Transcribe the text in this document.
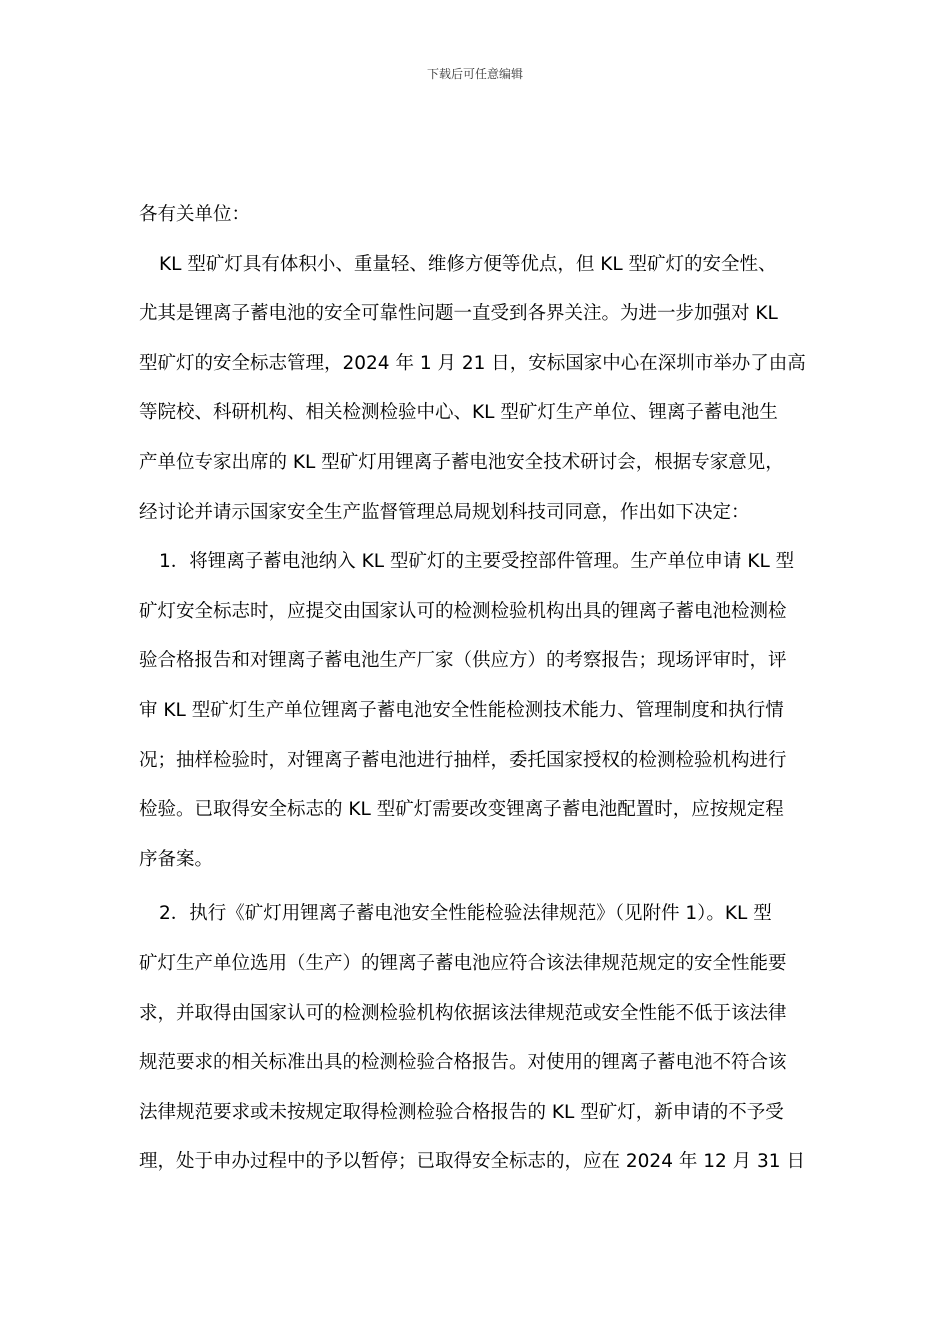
下载后可任意编辑
各有关单位：
KL 型矿灯具有体积小、重量轻、维修方便等优点，但 KL 型矿灯的安全性、
尤其是锂离子蓄电池的安全可靠性问题一直受到各界关注。为进一步加强对 KL
型矿灯的安全标志管理，2024 年 1 月 21 日，安标国家中心在深圳市举办了由高
等院校、科研机构、相关检测检验中心、KL 型矿灯生产单位、锂离子蓄电池生
产单位专家出席的 KL 型矿灯用锂离子蓄电池安全技术研讨会，根据专家意见，
经讨论并请示国家安全生产监督管理总局规划科技司同意，作出如下决定：
1．将锂离子蓄电池纳入 KL 型矿灯的主要受控部件管理。生产单位申请 KL 型
矿灯安全标志时，应提交由国家认可的检测检验机构出具的锂离子蓄电池检测检
验合格报告和对锂离子蓄电池生产厂家（供应方）的考察报告；现场评审时，评
审 KL 型矿灯生产单位锂离子蓄电池安全性能检测技术能力、管理制度和执行情
况；抽样检验时，对锂离子蓄电池进行抽样，委托国家授权的检测检验机构进行
检验。已取得安全标志的 KL 型矿灯需要改变锂离子蓄电池配置时，应按规定程
序备案。
2．执行《矿灯用锂离子蓄电池安全性能检验法律规范》（见附件 1）。KL 型
矿灯生产单位选用（生产）的锂离子蓄电池应符合该法律规范规定的安全性能要
求，并取得由国家认可的检测检验机构依据该法律规范或安全性能不低于该法律
规范要求的相关标准出具的检测检验合格报告。对使用的锂离子蓄电池不符合该
法律规范要求或未按规定取得检测检验合格报告的 KL 型矿灯，新申请的不予受
理，处于申办过程中的予以暂停；已取得安全标志的，应在 2024 年 12 月 31 日
